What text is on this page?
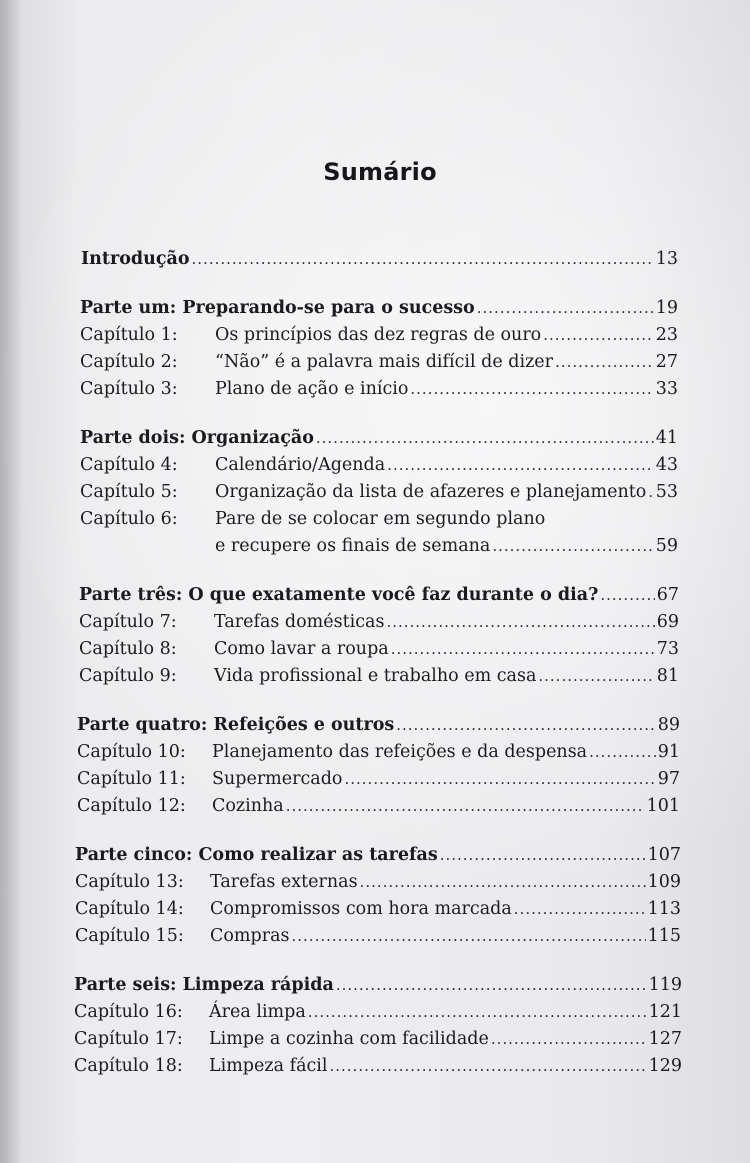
Sumário
Introdução .....	13
Parte um: Preparando-se para o sucesso .....	19
Capítulo 1:	Os princípios das dez regras de ouro .....	23
Capítulo 2:	“Não” é a palavra mais difícil de dizer .....	27
Capítulo 3:	Plano de ação e início .....	33
Parte dois: Organização .....	41
Capítulo 4:	Calendário/Agenda .....	43
Capítulo 5:	Organização da lista de afazeres e planejamento ..... 53
Capítulo 6:	Pare de se colocar em segundo plano
e recupere os finais de semana .....	59
Parte três: O que exatamente você faz durante o dia? .....	67
Capítulo 7:	Tarefas domésticas .....	69
Capítulo 8:	Como lavar a roupa .....	73
Capítulo 9:	Vida profissional e trabalho em casa .....	81
Parte quatro: Refeições e outros .....	89
Capítulo 10:	Planejamento das refeições e da despensa .....	91
Capítulo 11:	Supermercado .....	97
Capítulo 12:	Cozinha .....	101
Parte cinco: Como realizar as tarefas .....	107
Capítulo 13:	Tarefas externas .....	109
Capítulo 14:	Compromissos com hora marcada .....	113
Capítulo 15:	Compras .....	115
Parte seis: Limpeza rápida .....	119
Capítulo 16:	Área limpa .....	121
Capítulo 17:	Limpe a cozinha com facilidade .....	127
Capítulo 18:	Limpeza fácil .....	129
